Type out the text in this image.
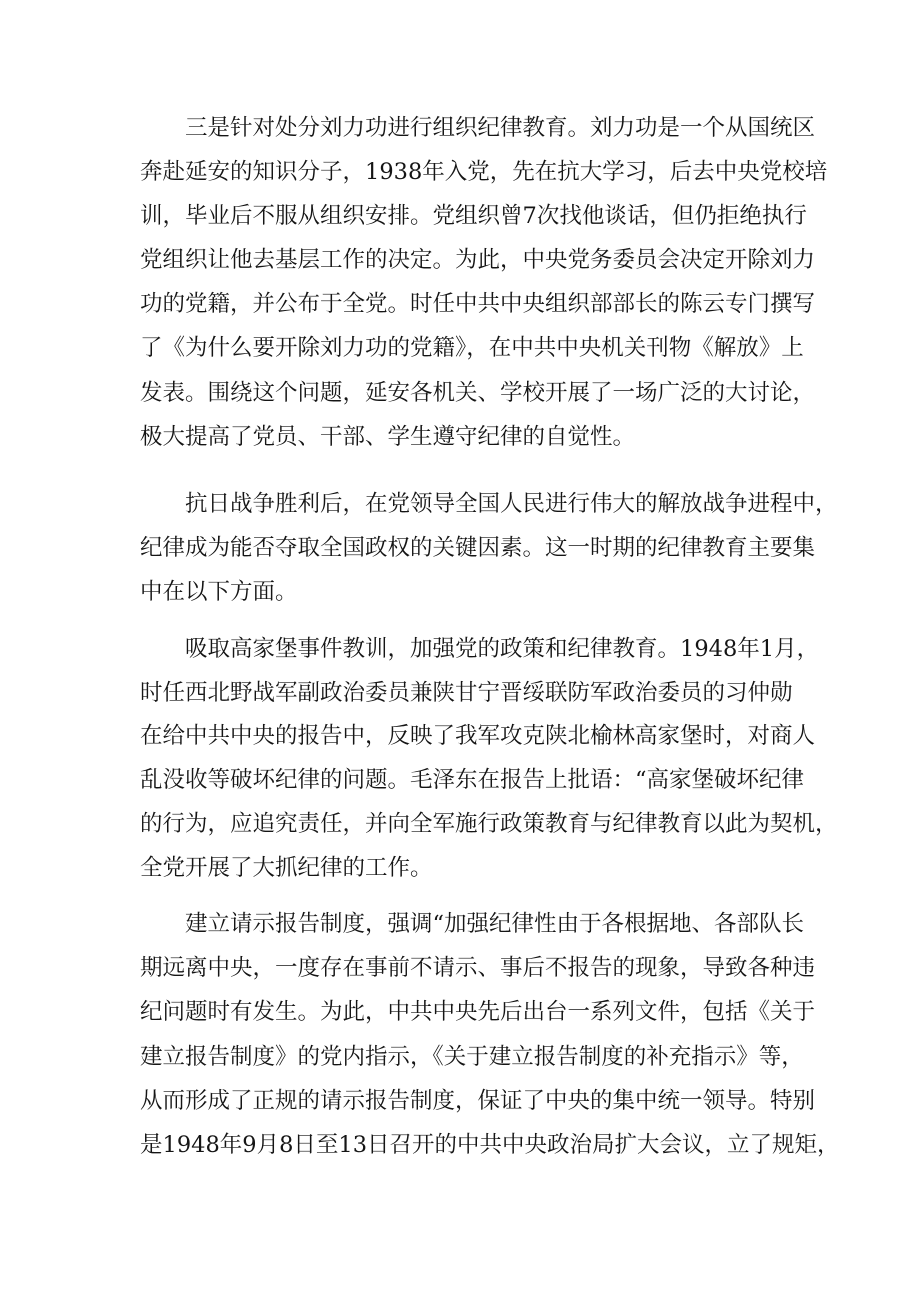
三是针对处分刘力功进行组织纪律教育。刘力功是一个从国统区
奔赴延安的知识分子，1938年入党，先在抗大学习，后去中央党校培
训，毕业后不服从组织安排。党组织曾7次找他谈话，但仍拒绝执行
党组织让他去基层工作的决定。为此，中央党务委员会决定开除刘力
功的党籍，并公布于全党。时任中共中央组织部部长的陈云专门撰写
了《为什么要开除刘力功的党籍》，在中共中央机关刊物《解放》上
发表。围绕这个问题，延安各机关、学校开展了一场广泛的大讨论，
极大提高了党员、干部、学生遵守纪律的自觉性。
抗日战争胜利后，在党领导全国人民进行伟大的解放战争进程中，
纪律成为能否夺取全国政权的关键因素。这一时期的纪律教育主要集
中在以下方面。
吸取高家堡事件教训，加强党的政策和纪律教育。1948年1月，
时任西北野战军副政治委员兼陕甘宁晋绥联防军政治委员的习仲勋
在给中共中央的报告中，反映了我军攻克陕北榆林高家堡时，对商人
乱没收等破坏纪律的问题。毛泽东在报告上批语：“高家堡破坏纪律
的行为，应追究责任，并向全军施行政策教育与纪律教育以此为契机，
全党开展了大抓纪律的工作。
建立请示报告制度，强调“加强纪律性由于各根据地、各部队长
期远离中央，一度存在事前不请示、事后不报告的现象，导致各种违
纪问题时有发生。为此，中共中央先后出台一系列文件，包括《关于
建立报告制度》的党内指示，《关于建立报告制度的补充指示》等，
从而形成了正规的请示报告制度，保证了中央的集中统一领导。特别
是1948年9月8日至13日召开的中共中央政治局扩大会议，立了规矩，
